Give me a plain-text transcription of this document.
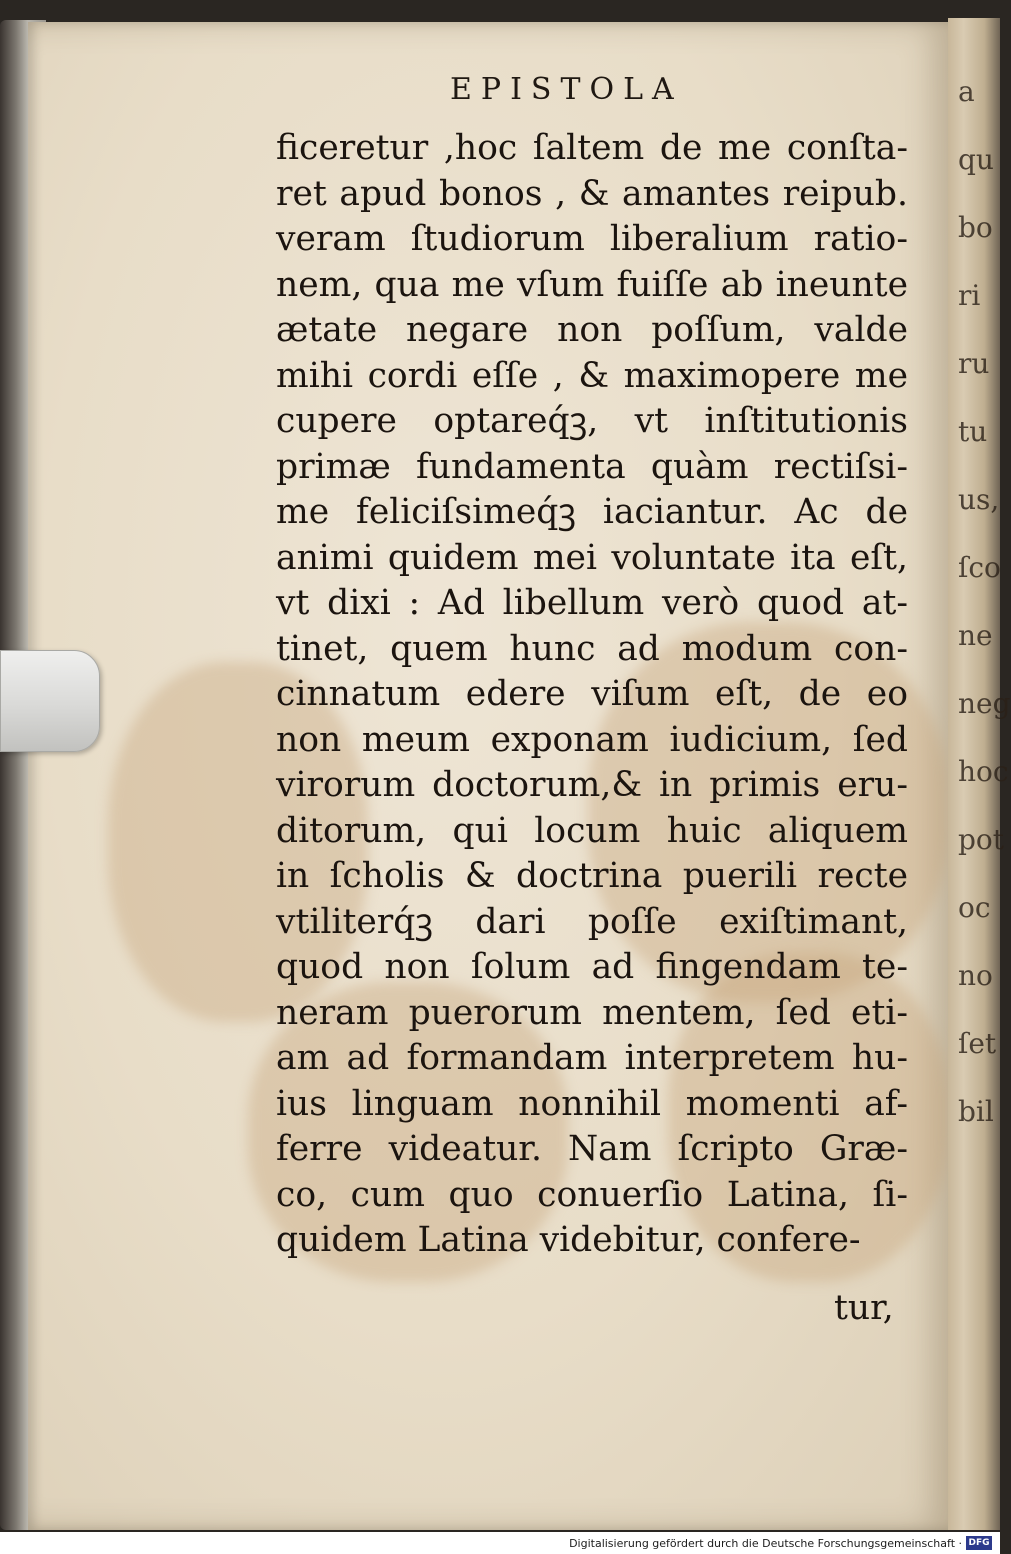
a
qu
bo
ri
ru
tu
us,
ſco
ne
neg
hoc
pot
oc
no
ſet
bil
EPISTOLA
ficeretur ,hoc ſaltem de me conſta-
ret apud bonos , & amantes reipub.
veram ſtudiorum liberalium ratio-
nem, qua me vſum fuiſſe ab ineunte
ætate negare non poſſum, valde
mihi cordi eſſe , & maximopere me
cupere optareq́ꝫ, vt inſtitutionis
primæ fundamenta quàm rectiſsi-
me feliciſsimeq́ꝫ iaciantur. Ac de
animi quidem mei voluntate ita eſt,
vt dixi : Ad libellum verò quod at-
tinet, quem hunc ad modum con-
cinnatum edere viſum eſt, de eo
non meum exponam iudicium, ſed
virorum doctorum,& in primis eru-
ditorum, qui locum huic aliquem
in ſcholis & doctrina puerili recte
vtiliterq́ꝫ dari poſſe exiſtimant,
quod non ſolum ad fingendam te-
neram puerorum mentem, ſed eti-
am ad formandam interpretem hu-
ius linguam nonnihil momenti af-
ferre videatur. Nam ſcripto Græ-
co, cum quo conuerſio Latina, ſi-
quidem Latina videbitur, confere-
tur,
Digitalisierung gefördert durch die Deutsche Forschungsgemeinschaft · DFG
